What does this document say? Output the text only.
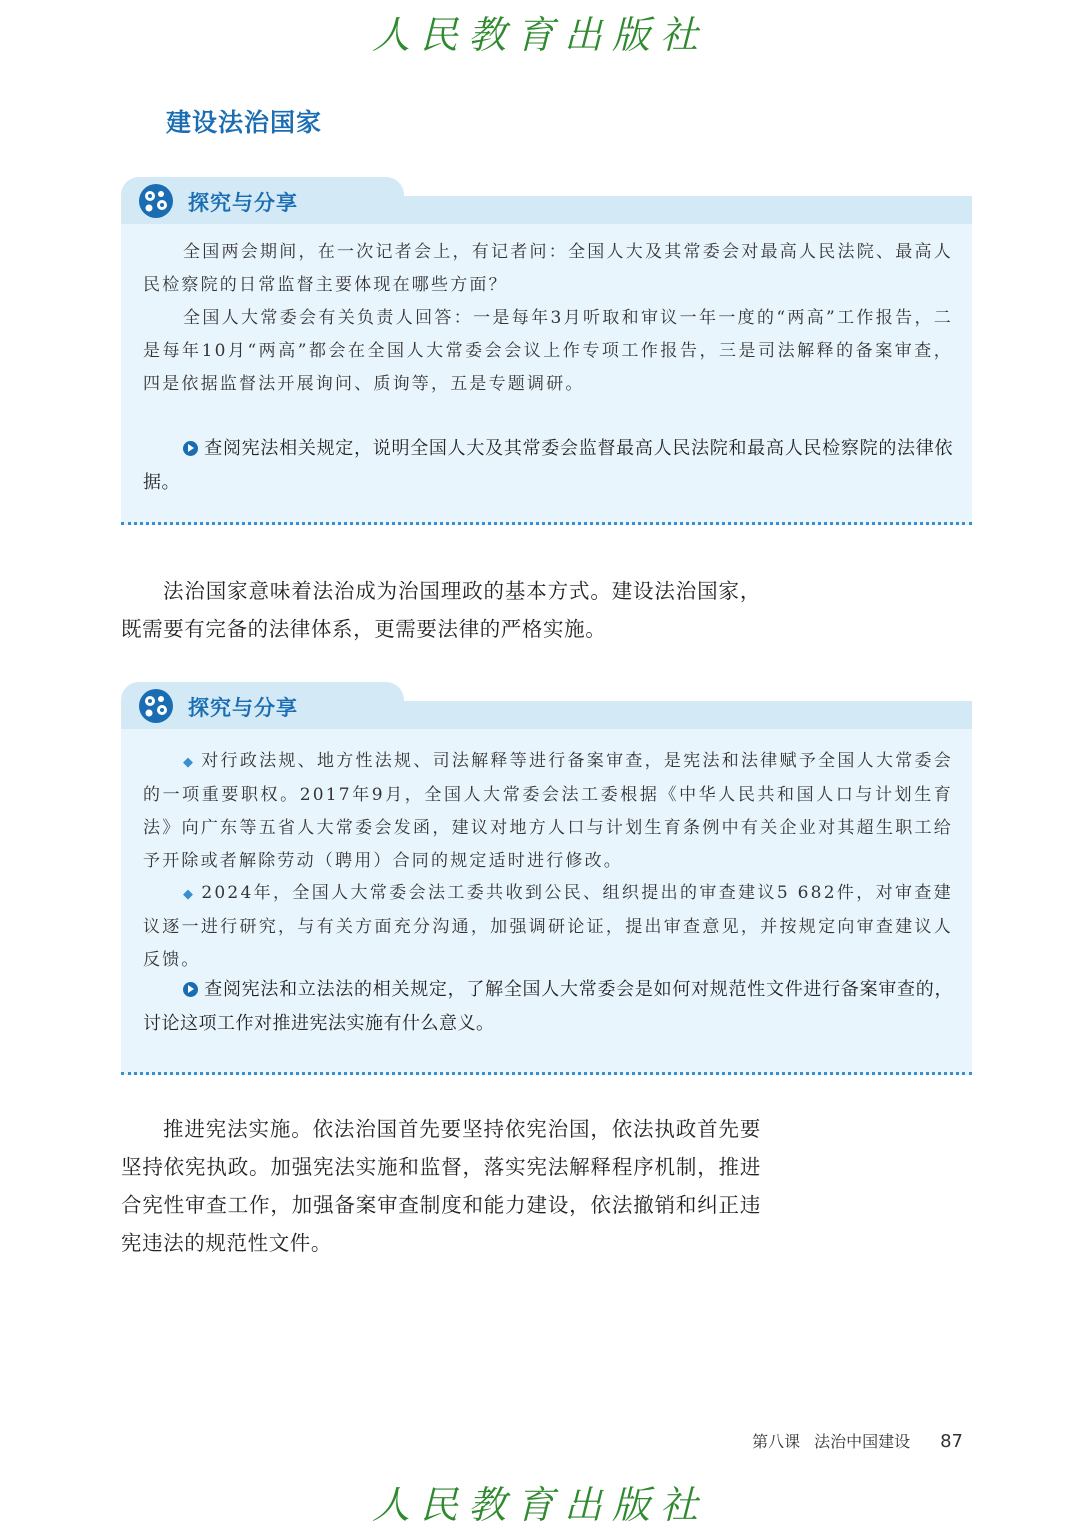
人民教育出版社
建设法治国家
探究与分享
全国两会期间，在一次记者会上，有记者问：全国人大及其常委会对最高人民法院、最高人民检察院的日常监督主要体现在哪些方面？
全国人大常委会有关负责人回答：一是每年3月听取和审议一年一度的“两高”工作报告，二是每年10月“两高”都会在全国人大常委会会议上作专项工作报告，三是司法解释的备案审查，四是依据监督法开展询问、质询等，五是专题调研。
查阅宪法相关规定，说明全国人大及其常委会监督最高人民法院和最高人民检察院的法律依据。
法治国家意味着法治成为治国理政的基本方式。建设法治国家，既需要有完备的法律体系，更需要法律的严格实施。
探究与分享
◆ 对行政法规、地方性法规、司法解释等进行备案审查，是宪法和法律赋予全国人大常委会的一项重要职权。2017年9月，全国人大常委会法工委根据《中华人民共和国人口与计划生育法》向广东等五省人大常委会发函，建议对地方人口与计划生育条例中有关企业对其超生职工给予开除或者解除劳动（聘用）合同的规定适时进行修改。
◆ 2024年，全国人大常委会法工委共收到公民、组织提出的审查建议5 682件，对审查建议逐一进行研究，与有关方面充分沟通，加强调研论证，提出审查意见，并按规定向审查建议人反馈。
查阅宪法和立法法的相关规定，了解全国人大常委会是如何对规范性文件进行备案审查的，讨论这项工作对推进宪法实施有什么意义。
推进宪法实施。依法治国首先要坚持依宪治国，依法执政首先要坚持依宪执政。加强宪法实施和监督，落实宪法解释程序机制，推进合宪性审查工作，加强备案审查制度和能力建设，依法撤销和纠正违宪违法的规范性文件。
第八课 法治中国建设 87
人民教育出版社
